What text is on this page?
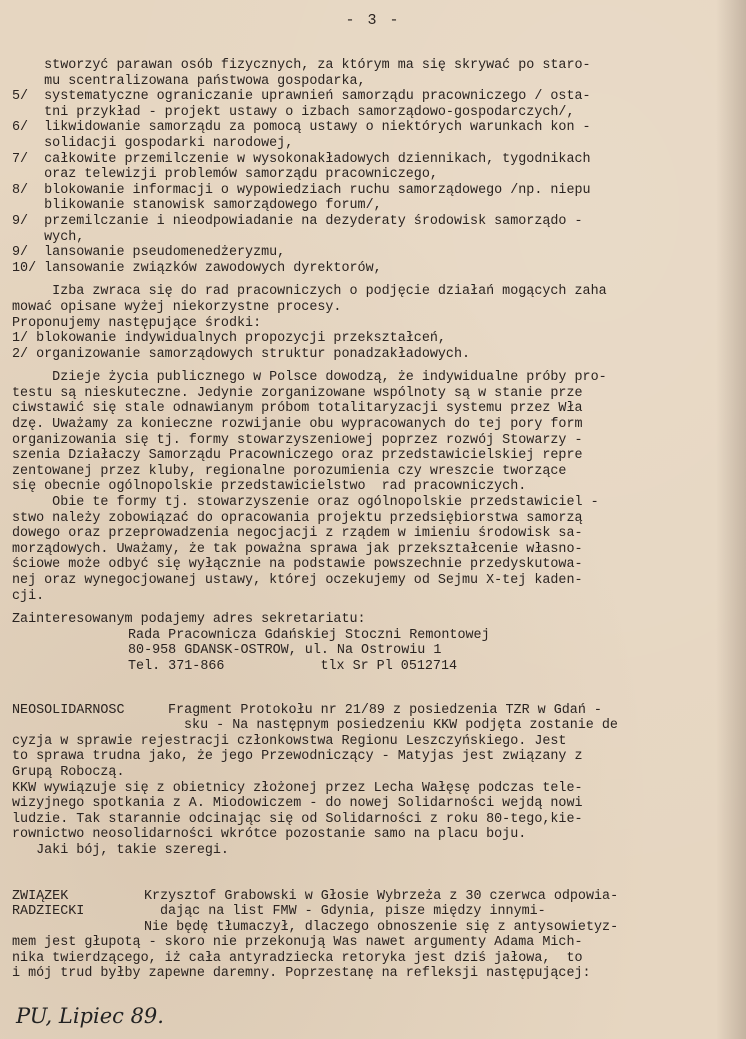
- 3 -
stworzyć parawan osób fizycznych, za którym ma się skrywać po staro-
mu scentralizowana państwowa gospodarka,
5/  systematyczne ograniczanie uprawnień samorządu pracowniczego / osta-
tni przykład - projekt ustawy o izbach samorządowo-gospodarczych/,
6/  likwidowanie samorządu za pomocą ustawy o niektórych warunkach kon -
solidacji gospodarki narodowej,
7/  całkowite przemilczenie w wysokonakładowych dziennikach, tygodnikach
oraz telewizji problemów samorządu pracowniczego,
8/  blokowanie informacji o wypowiedziach ruchu samorządowego /np. niepu
blikowanie stanowisk samorządowego forum/,
9/  przemilczanie i nieodpowiadanie na dezyderaty środowisk samorządo -
wych,
9/  lansowanie pseudomenedżeryzmu,
10/ lansowanie związków zawodowych dyrektorów,
Izba zwraca się do rad pracowniczych o podjęcie działań mogących zaha
mować opisane wyżej niekorzystne procesy.
Proponujemy następujące środki:
1/ blokowanie indywidualnych propozycji przekształceń,
2/ organizowanie samorządowych struktur ponadzakładowych.
Dzieje życia publicznego w Polsce dowodzą, że indywidualne próby pro-
testu są nieskuteczne. Jedynie zorganizowane wspólnoty są w stanie prze
ciwstawić się stale odnawianym próbom totalitaryzacji systemu przez Wła
dzę. Uważamy za konieczne rozwijanie obu wypracowanych do tej pory form
organizowania się tj. formy stowarzyszeniowej poprzez rozwój Stowarzy -
szenia Działaczy Samorządu Pracowniczego oraz przedstawicielskiej repre
zentowanej przez kluby, regionalne porozumienia czy wreszcie tworzące
się obecnie ogólnopolskie przedstawicielstwo  rad pracowniczych.
Obie te formy tj. stowarzyszenie oraz ogólnopolskie przedstawiciel -
stwo należy zobowiązać do opracowania projektu przedsiębiorstwa samorzą
dowego oraz przeprowadzenia negocjacji z rządem w imieniu środowisk sa-
morządowych. Uważamy, że tak poważna sprawa jak przekształcenie własno-
ściowe może odbyć się wyłącznie na podstawie powszechnie przedyskutowa-
nej oraz wynegocjowanej ustawy, której oczekujemy od Sejmu X-tej kaden-
cji.
Zainteresowanym podajemy adres sekretariatu:
Rada Pracownicza Gdańskiej Stoczni Remontowej
80-958 GDAŃSK-OSTRÓW, ul. Na Ostrowiu 1
Tel. 371-866	tlx Sr Pl 0512714
NEOSOLIDARNOŚĆ	Fragment Protokołu nr 21/89 z posiedzenia TZR w Gdań -
sku - Na następnym posiedzeniu KKW podjęta zostanie de
cyzja w sprawie rejestracji członkowstwa Regionu Leszczyńskiego. Jest
to sprawa trudna jako, że jego Przewodniczący - Matyjas jest związany z
Grupą Roboczą.
KKW wywiązuje się z obietnicy złożonej przez Lecha Wałęsę podczas tele-
wizyjnego spotkania z A. Miodowiczem - do nowej Solidarności wejdą nowi
ludzie. Tak starannie odcinając się od Solidarności z roku 80-tego,kie-
rownictwo neosolidarności wkrótce pozostanie samo na placu boju.
Jaki bój, takie szeregi.
ZWIĄZEK	Krzysztof Grabowski w Głosie Wybrzeża z 30 czerwca odpowia-
RADZIECKI	dając na list FMW - Gdynia, pisze między innymi-
Nie będę tłumaczył, dlaczego obnoszenie się z antysowietyz-
mem jest głupotą - skoro nie przekonują Was nawet argumenty Adama Mich-
nika twierdzącego, iż cała antyradziecka retoryka jest dziś jałowa,  to
i mój trud byłby zapewne daremny. Poprzestanę na refleksji następującej:
PU, Lipiec 89.
